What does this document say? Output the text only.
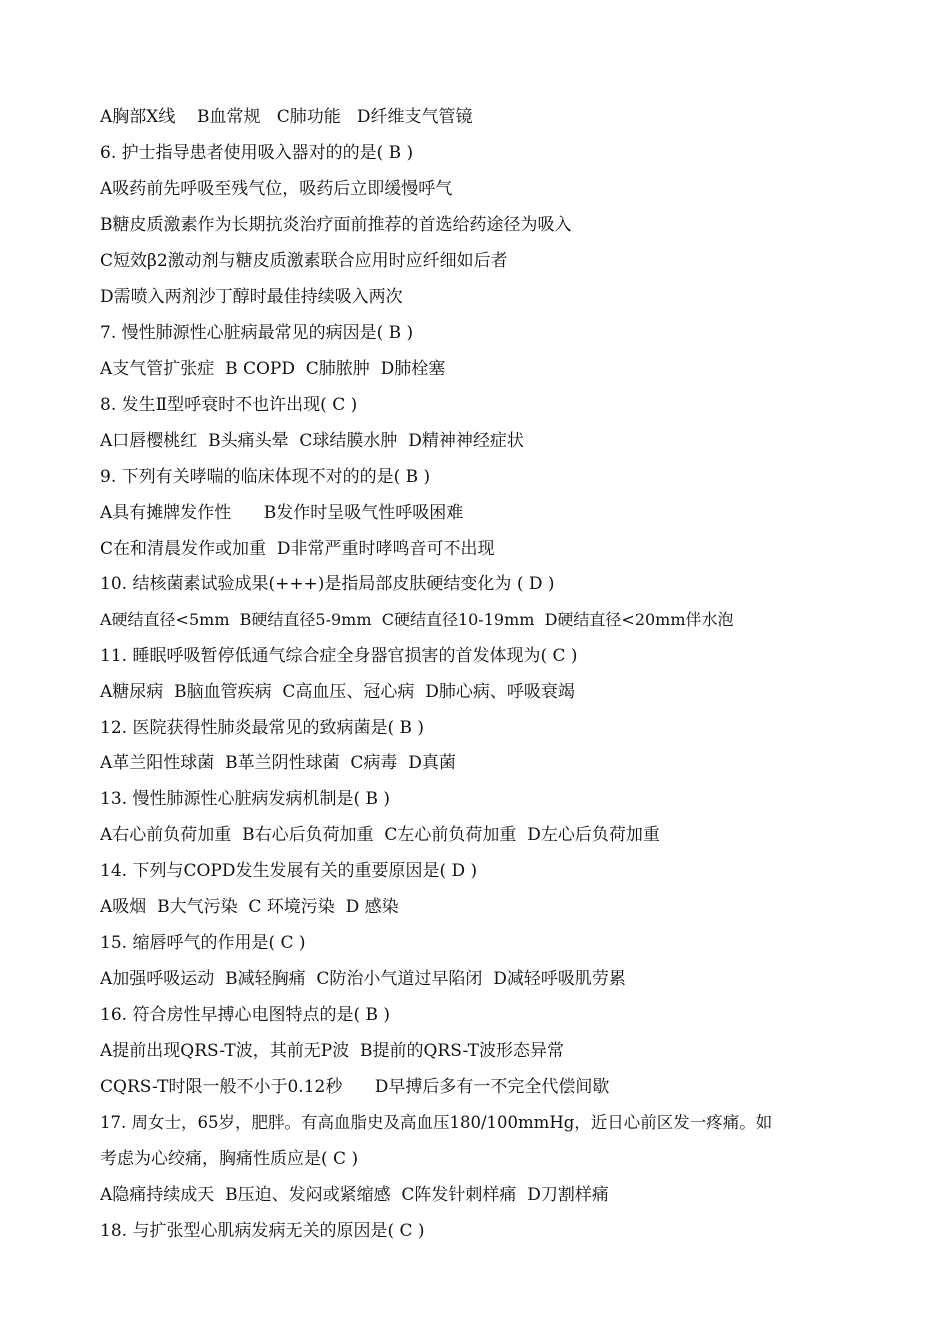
A胸部X线    B血常规   C肺功能   D纤维支气管镜
6. 护士指导患者使用吸入器对的的是( B )
A吸药前先呼吸至残气位，吸药后立即缓慢呼气
B糖皮质激素作为长期抗炎治疗面前推荐的首选给药途径为吸入
C短效β2激动剂与糖皮质激素联合应用时应纤细如后者
D需喷入两剂沙丁醇时最佳持续吸入两次
7. 慢性肺源性心脏病最常见的病因是( B )
A支气管扩张症  B COPD  C肺脓肿  D肺栓塞
8. 发生Ⅱ型呼衰时不也许出现( C )
A口唇樱桃红  B头痛头晕  C球结膜水肿  D精神神经症状
9. 下列有关哮喘的临床体现不对的的是( B )
A具有摊牌发作性      B发作时呈吸气性呼吸困难
C在和清晨发作或加重  D非常严重时哮鸣音可不出现
10. 结核菌素试验成果(+++)是指局部皮肤硬结变化为 ( D )
A硬结直径<5mm  B硬结直径5-9mm  C硬结直径10-19mm  D硬结直径<20mm伴水泡
11. 睡眠呼吸暂停低通气综合症全身器官损害的首发体现为( C )
A糖尿病  B脑血管疾病  C高血压、冠心病  D肺心病、呼吸衰竭
12. 医院获得性肺炎最常见的致病菌是( B )
A革兰阳性球菌  B革兰阴性球菌  C病毒  D真菌
13. 慢性肺源性心脏病发病机制是( B )
A右心前负荷加重  B右心后负荷加重  C左心前负荷加重  D左心后负荷加重
14. 下列与COPD发生发展有关的重要原因是( D )
A吸烟  B大气污染  C 环境污染  D 感染
15. 缩唇呼气的作用是( C )
A加强呼吸运动  B减轻胸痛  C防治小气道过早陷闭  D减轻呼吸肌劳累
16. 符合房性早搏心电图特点的是( B )
A提前出现QRS-T波，其前无P波  B提前的QRS-T波形态异常
CQRS-T时限一般不小于0.12秒      D早搏后多有一不完全代偿间歇
17. 周女士，65岁，肥胖。有高血脂史及高血压180/100mmHg，近日心前区发一疼痛。如
考虑为心绞痛，胸痛性质应是( C )
A隐痛持续成天  B压迫、发闷或紧缩感  C阵发针刺样痛  D刀割样痛
18. 与扩张型心肌病发病无关的原因是( C )
